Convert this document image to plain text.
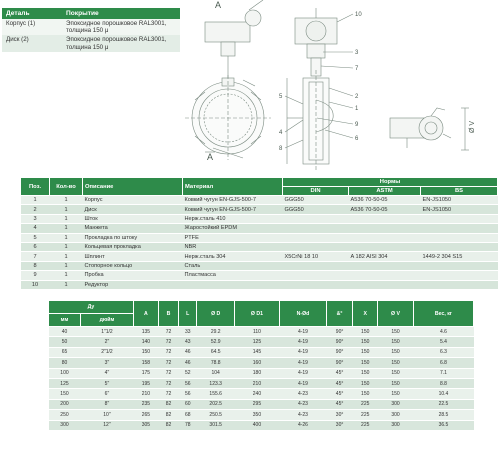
Деталь	Покрытие
Корпус (1)	Эпоксидное порошковое RAL3001, толщина 150 μ
Диск (2)	Эпоксидное порошковое RAL3001, толщина 150 μ
A
A
Ø V
10
3
7
2
1
9
6
5
4
8
Поз.	Кол-во	Описание	Материал	Нормы		
				DIN	ASTM	BS
1	1	Корпус	Ковкий чугун EN-GJS-500-7	GGG50	A536 70-50-05	EN-JS1050
2	1	Диск	Ковкий чугун EN-GJS-500-7	GGG50	A536 70-50-05	EN-JS1050
3	1	Шток	Нерж.сталь 410			
4	1	Манжета	Жаростойкий EPDM			
5	1	Прокладка по штоку	PTFE			
6	1	Кольцевая прокладка	NBR			
7	1	Шплинт	Нерж.сталь 304	X5CrNi 18 10	A 182 AISI 304	1449-2 304 S15
8	1	Стопорное кольцо	Сталь			
9	1	Пробка	Пластмасса			
10	1	Редуктор				
Ду		A	B	L	Ø D	Ø D1	N-Ød	&°	X	Ø V	Вес, кг
мм	дюйм										
40	1"1/2	135	72	33	29.2	110	4-19	90°	150	150	4.6
50	2"	140	72	43	52.9	125	4-19	90°	150	150	5.4
65	2"1/2	150	72	46	64.5	145	4-19	90°	150	150	6.3
80	3"	158	72	46	78.8	160	4-19	90°	150	150	6.8
100	4"	175	72	52	104	180	4-19	45°	150	150	7.1
125	5"	195	72	56	123.3	210	4-19	45°	150	150	8.8
150	6"	210	72	56	155.6	240	4-23	45°	150	150	10.4
200	8"	235	82	60	202.5	295	4-23	45°	225	300	22.5
250	10"	265	82	68	250.5	350	4-23	30°	225	300	28.5
300	12"	305	82	78	301.5	400	4-26	30°	225	300	36.5
